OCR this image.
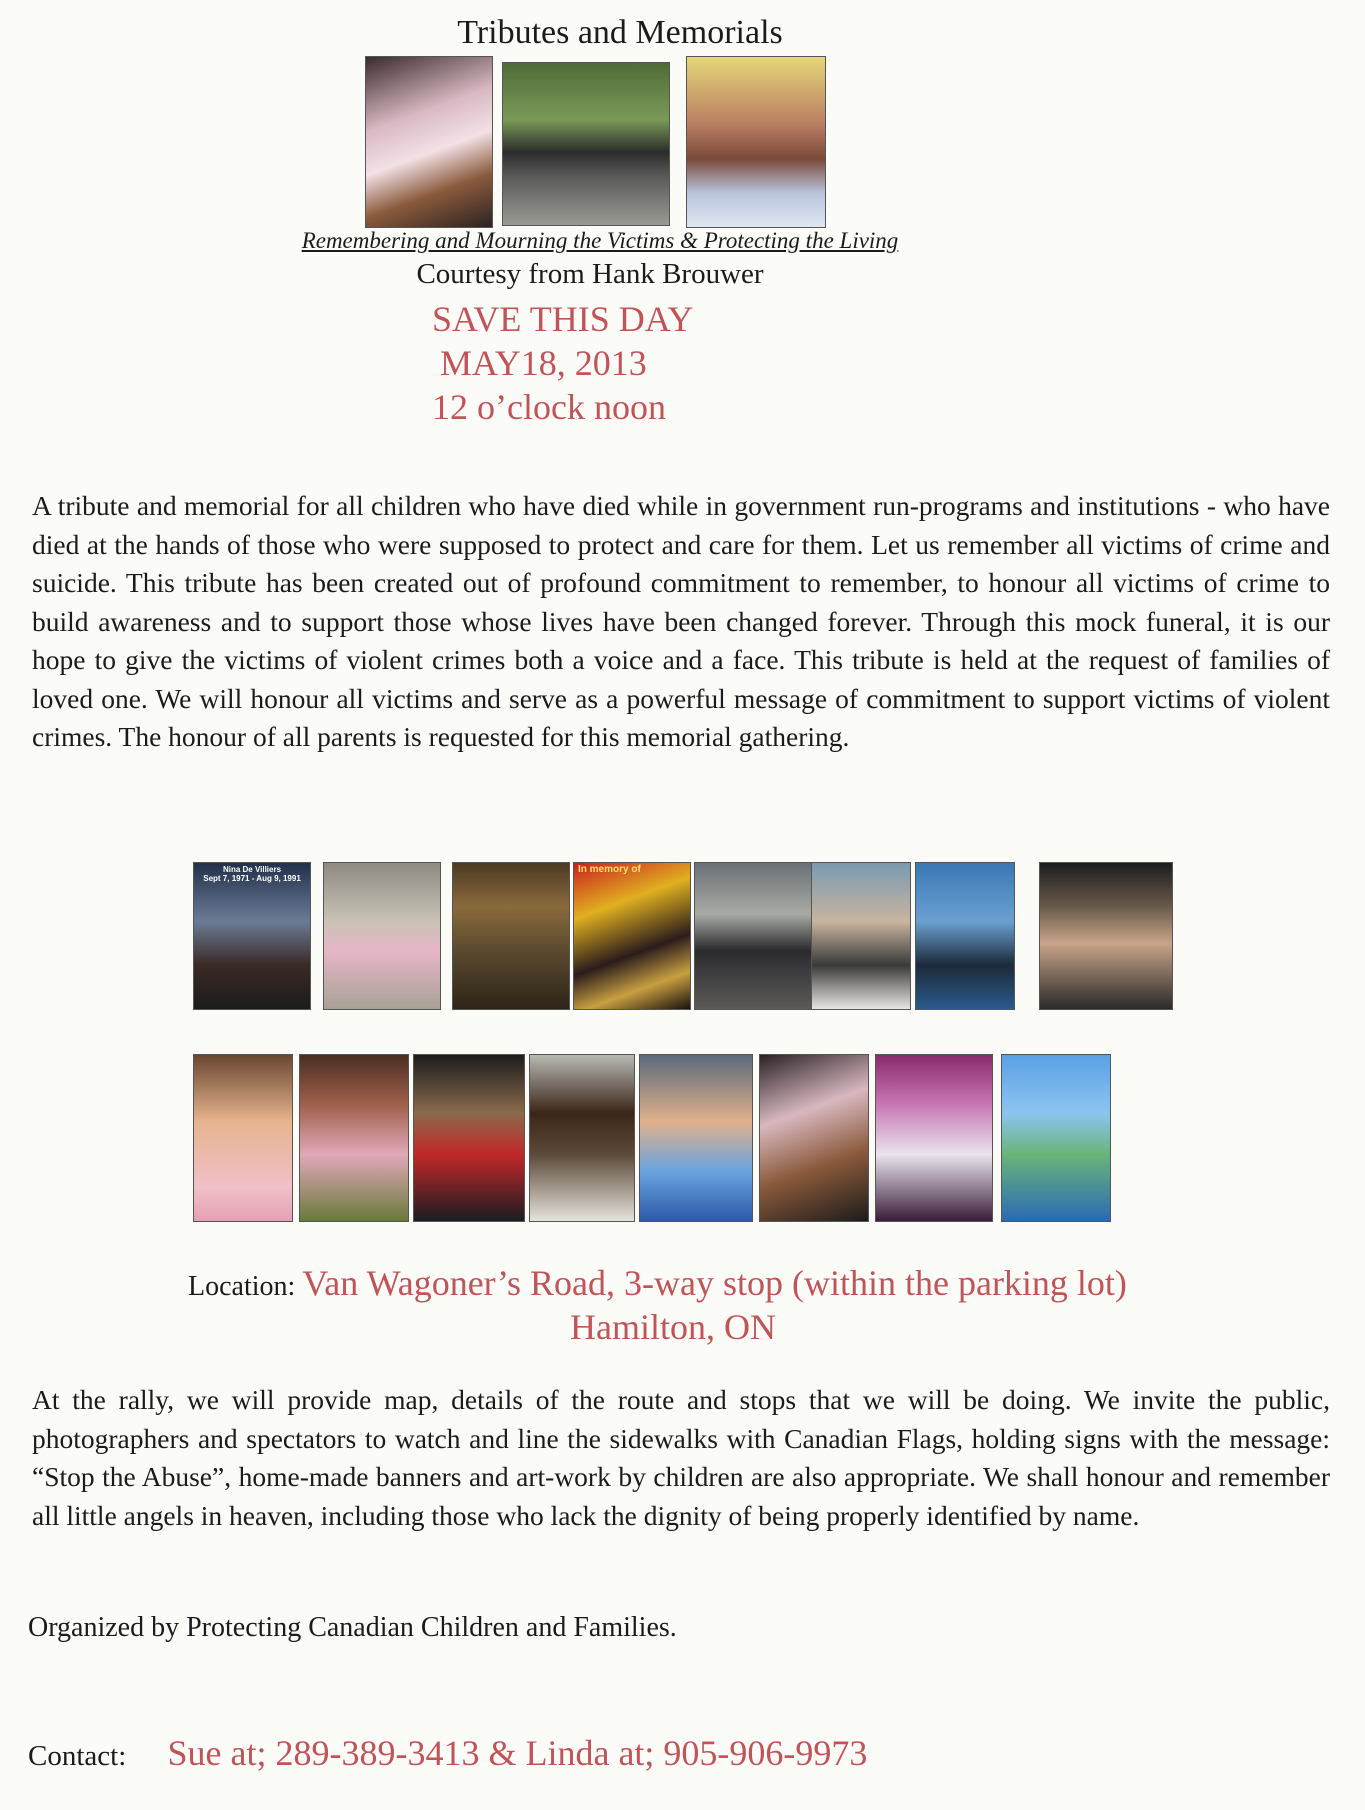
Tributes and Memorials
Remembering and Mourning the Victims & Protecting the Living
Courtesy from Hank Brouwer
SAVE THIS DAY
MAY18, 2013
12 o’clock noon
A tribute and memorial for all children who have died while in government run-programs and institutions - who have died at the hands of those who were supposed to protect and care for them. Let us remember all victims of crime and suicide. This tribute has been created out of profound commitment to remember, to honour all victims of crime to build awareness and to support those whose lives have been changed forever. Through this mock funeral, it is our hope to give the victims of violent crimes both a voice and a face. This tribute is held at the request of families of loved one. We will honour all victims and serve as a powerful message of commitment to support victims of violent crimes. The honour of all parents is requested for this memorial gathering.
Nina De Villiers
Sept 7, 1971 - Aug 9, 1991
In memory of
Location: Van Wagoner’s Road, 3-way stop (within the parking lot)
Hamilton, ON
At the rally, we will provide map, details of the route and stops that we will be doing. We invite the public, photographers and spectators to watch and line the sidewalks with Canadian Flags, holding signs with the message: “Stop the Abuse”, home-made banners and art-work by children are also appropriate. We shall honour and remember all little angels in heaven, including those who lack the dignity of being properly identified by name.
Organized by Protecting Canadian Children and Families.
Contact: Sue at; 289-389-3413 & Linda at; 905-906-9973
